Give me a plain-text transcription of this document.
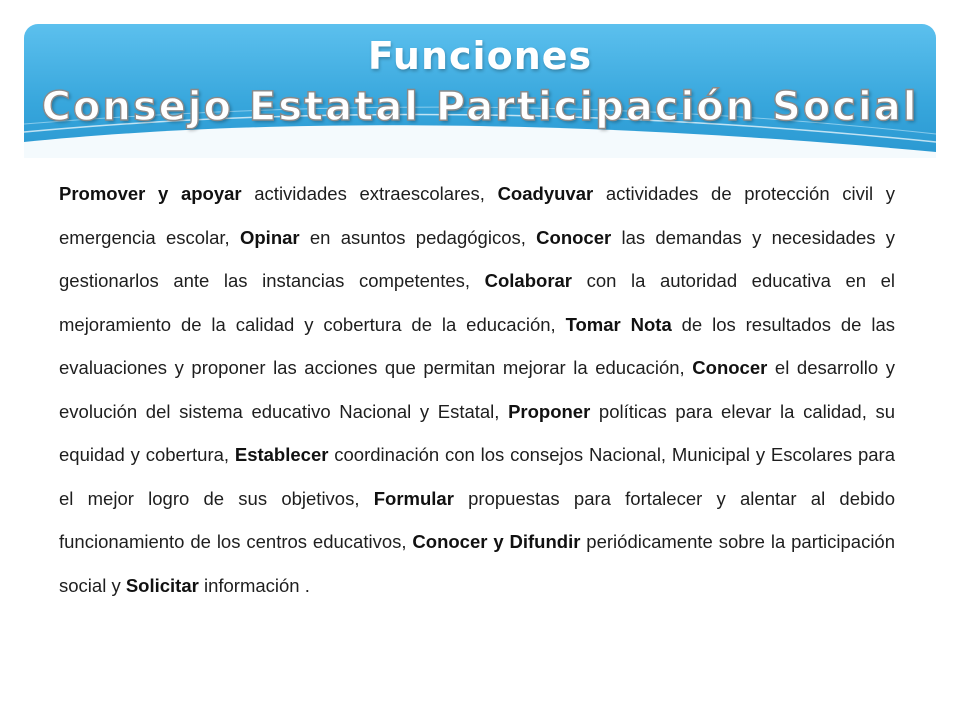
Funciones
Consejo Estatal Participación Social

Promover y apoyar actividades extraescolares, Coadyuvar actividades de protección civil y emergencia escolar, Opinar en asuntos pedagógicos, Conocer las demandas y necesidades y gestionarlos ante las instancias competentes, Colaborar con la autoridad educativa en el mejoramiento de la calidad y cobertura de la educación, Tomar Nota de los resultados de las evaluaciones y proponer las acciones que permitan mejorar la educación, Conocer el desarrollo y evolución del sistema educativo Nacional y Estatal, Proponer políticas para elevar la calidad, su equidad y cobertura, Establecer coordinación con los consejos Nacional, Municipal y Escolares para el mejor logro de sus objetivos, Formular propuestas para fortalecer y alentar al debido funcionamiento de los centros educativos, Conocer y Difundir periódicamente sobre la participación social y Solicitar información .
